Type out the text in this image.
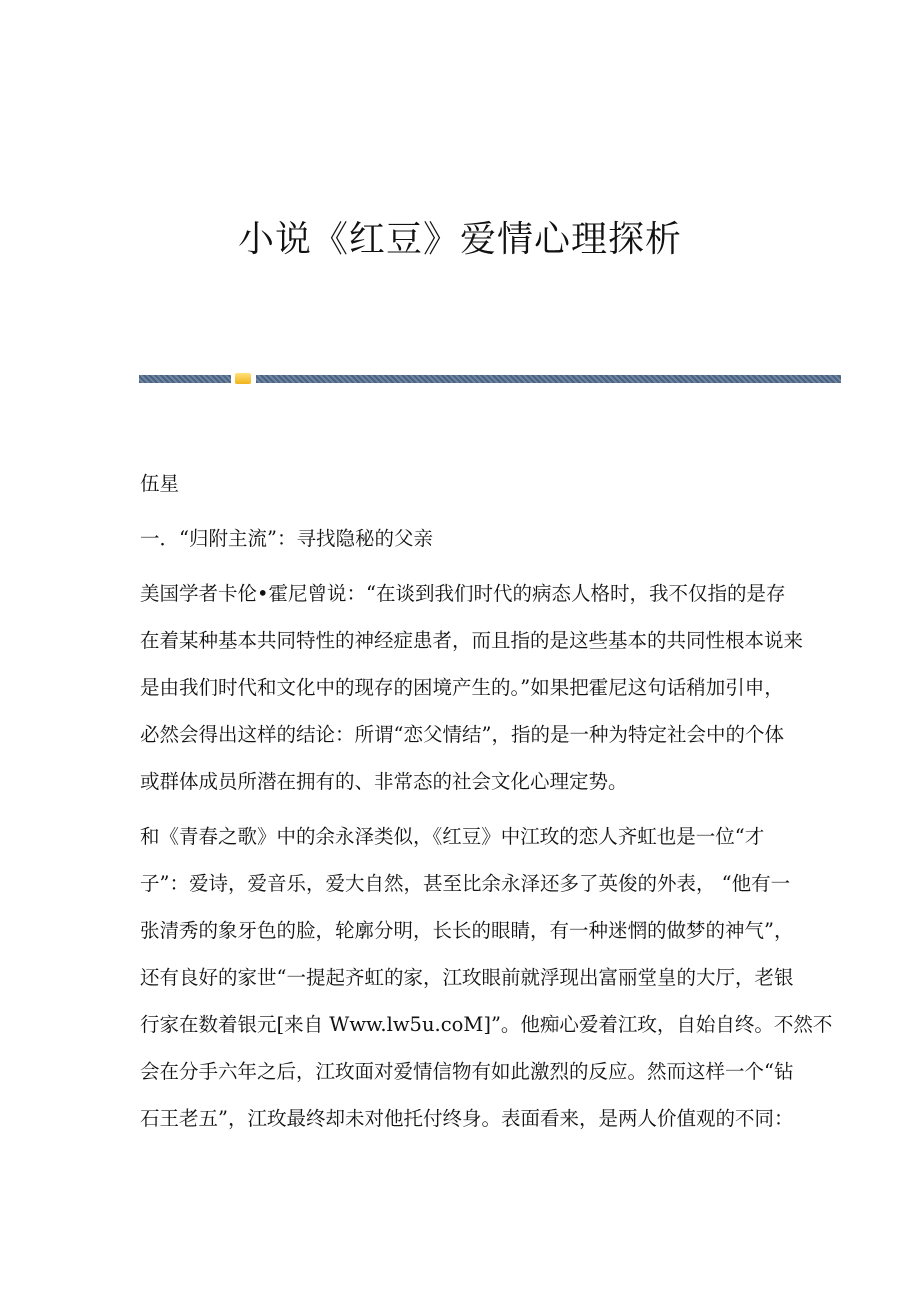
小说《红豆》爱情心理探析
伍星
一．“归附主流”：寻找隐秘的父亲
美国学者卡伦•霍尼曾说：“在谈到我们时代的病态人格时，我不仅指的是存
在着某种基本共同特性的神经症患者，而且指的是这些基本的共同性根本说来
是由我们时代和文化中的现存的困境产生的。”如果把霍尼这句话稍加引申，
必然会得出这样的结论：所谓“恋父情结”，指的是一种为特定社会中的个体
或群体成员所潜在拥有的、非常态的社会文化心理定势。
和《青春之歌》中的余永泽类似，《红豆》中江玫的恋人齐虹也是一位“才
子”：爱诗，爱音乐，爱大自然，甚至比余永泽还多了英俊的外表， “他有一
张清秀的象牙色的脸，轮廓分明，长长的眼睛，有一种迷惘的做梦的神气”，
还有良好的家世“一提起齐虹的家，江玫眼前就浮现出富丽堂皇的大厅，老银
行家在数着银元[来自 Www.lw5u.coM]”。他痴心爱着江玫，自始自终。不然不
会在分手六年之后，江玫面对爱情信物有如此激烈的反应。然而这样一个“钻
石王老五”，江玫最终却未对他托付终身。表面看来，是两人价值观的不同：
